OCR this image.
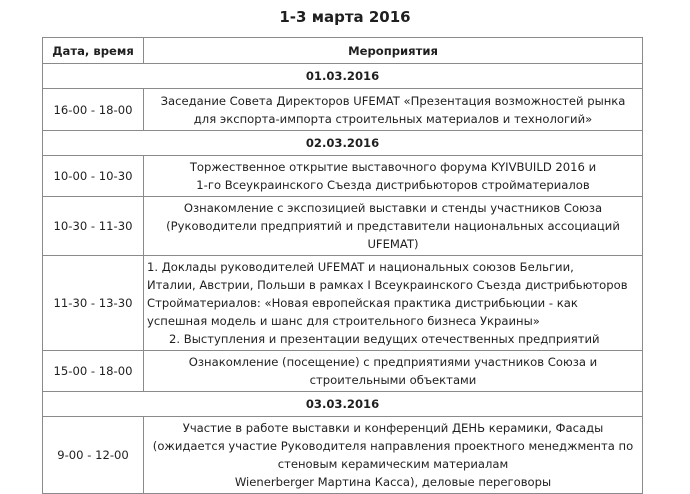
1-3 марта 2016
Дата, время	Мероприятия
01.03.2016	
16-00 - 18-00	Заседание Совета Директоров UFEMAT «Презентация возможностей рынка
для экспорта-импорта строительных материалов и технологий»

02.03.2016	
10-00 - 10-30	Торжественное открытие выставочного форума KYIVBUILD 2016 и
1-го Всеукраинского Съезда дистрибьюторов стройматериалов

10-30 - 11-30	Ознакомление с экспозицией выставки и стенды участников Союза
(Руководители предприятий и представители национальных ассоциаций
UFEMAT)

11-30 - 13-30	1. Доклады руководителей UFEMAT и национальных союзов Бельгии,
Италии, Австрии, Польши в рамках I Всеукраинского Съезда дистрибьюторов
Стройматериалов: «Новая европейская практика дистрибьюции - как
успешная модель и шанс для строительного бизнеса Украины»
2. Выступления и презентации ведущих отечественных предприятий

15-00 - 18-00	Ознакомление (посещение) с предприятиями участников Союза и
строительными объектами

03.03.2016	
9-00 - 12-00	Участие в работе выставки и конференций ДЕНЬ керамики, Фасады
(ожидается участие Руководителя направления проектного менеджмента по
стеновым керамическим материалам
Wienerberger Мартина Касса), деловые переговоры
